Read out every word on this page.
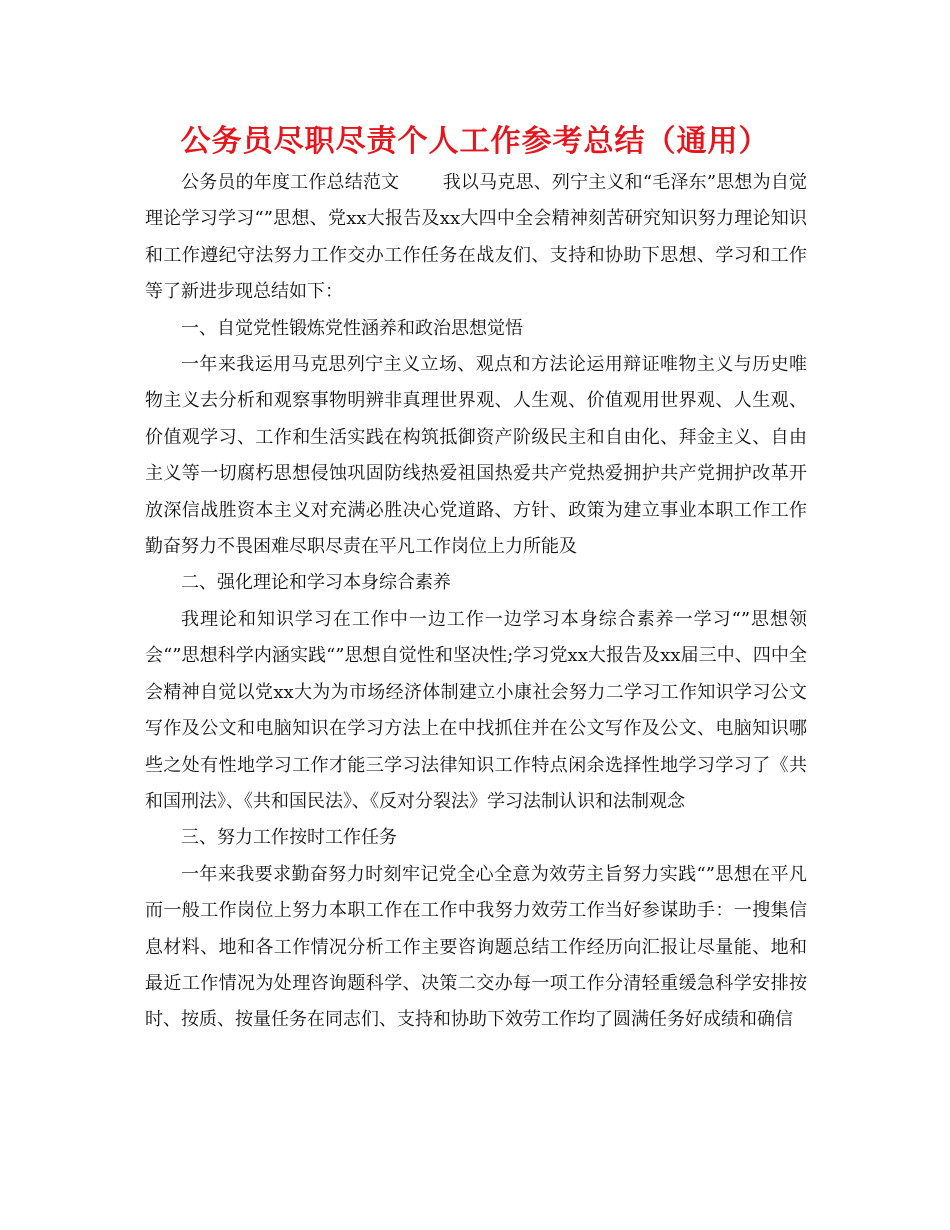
公务员尽职尽责个人工作参考总结（通用）

公务员的年度工作总结范文 我以马克思、列宁主义和“毛泽东”思想为自觉理论学习学习“”思想、党xx大报告及xx大四中全会精神刻苦研究知识努力理论知识和工作遵纪守法努力工作交办工作任务在战友们、支持和协助下思想、学习和工作等了新进步现总结如下：

一、自觉党性锻炼党性涵养和政治思想觉悟

一年来我运用马克思列宁主义立场、观点和方法论运用辩证唯物主义与历史唯物主义去分析和观察事物明辨非真理世界观、人生观、价值观用世界观、人生观、价值观学习、工作和生活实践在构筑抵御资产阶级民主和自由化、拜金主义、自由主义等一切腐朽思想侵蚀巩固防线热爱祖国热爱共产党热爱拥护共产党拥护改革开放深信战胜资本主义对充满必胜决心党道路、方针、政策为建立事业本职工作工作勤奋努力不畏困难尽职尽责在平凡工作岗位上力所能及

二、强化理论和学习本身综合素养

我理论和知识学习在工作中一边工作一边学习本身综合素养一学习“”思想领会“”思想科学内涵实践“”思想自觉性和坚决性;学习党xx大报告及xx届三中、四中全会精神自觉以党xx大为为市场经济体制建立小康社会努力二学习工作知识学习公文写作及公文和电脑知识在学习方法上在中找抓住并在公文写作及公文、电脑知识哪些之处有性地学习工作才能三学习法律知识工作特点闲余选择性地学习学习了《共和国刑法》、《共和国民法》、《反对分裂法》学习法制认识和法制观念

三、努力工作按时工作任务

一年来我要求勤奋努力时刻牢记党全心全意为效劳主旨努力实践“”思想在平凡而一般工作岗位上努力本职工作在工作中我努力效劳工作当好参谋助手：一搜集信息材料、地和各工作情况分析工作主要咨询题总结工作经历向汇报让尽量能、地和最近工作情况为处理咨询题科学、决策二交办每一项工作分清轻重缓急科学安排按时、按质、按量任务在同志们、支持和协助下效劳工作均了圆满任务好成绩和确信
